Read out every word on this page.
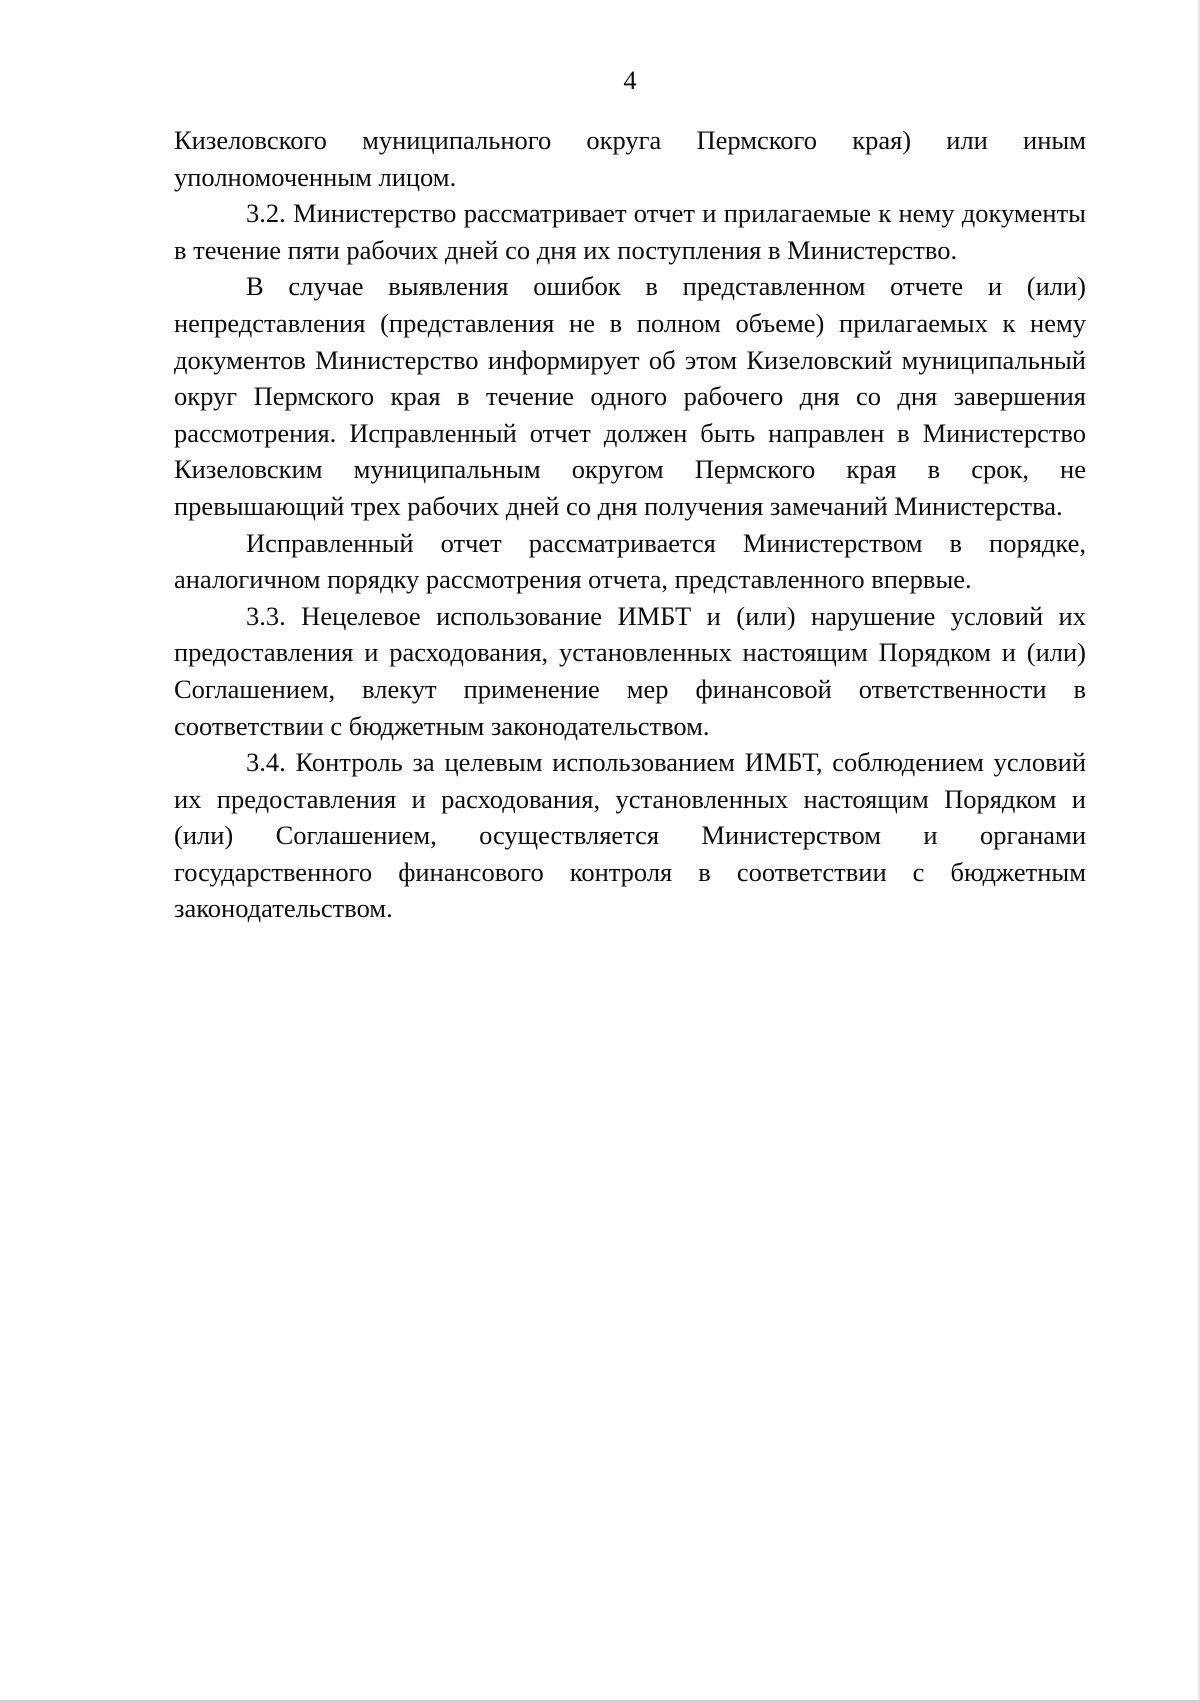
4

Кизеловского муниципального округа Пермского края) или иным уполномоченным лицом.

3.2. Министерство рассматривает отчет и прилагаемые к нему документы в течение пяти рабочих дней со дня их поступления в Министерство.

В случае выявления ошибок в представленном отчете и (или) непредставления (представления не в полном объеме) прилагаемых к нему документов Министерство информирует об этом Кизеловский муниципальный округ Пермского края в течение одного рабочего дня со дня завершения рассмотрения. Исправленный отчет должен быть направлен в Министерство Кизеловским муниципальным округом Пермского края в срок, не превышающий трех рабочих дней со дня получения замечаний Министерства.

Исправленный отчет рассматривается Министерством в порядке, аналогичном порядку рассмотрения отчета, представленного впервые.

3.3. Нецелевое использование ИМБТ и (или) нарушение условий их предоставления и расходования, установленных настоящим Порядком и (или) Соглашением, влекут применение мер финансовой ответственности в соответствии с бюджетным законодательством.

3.4. Контроль за целевым использованием ИМБТ, соблюдением условий их предоставления и расходования, установленных настоящим Порядком и (или) Соглашением, осуществляется Министерством и органами государственного финансового контроля в соответствии с бюджетным законодательством.
